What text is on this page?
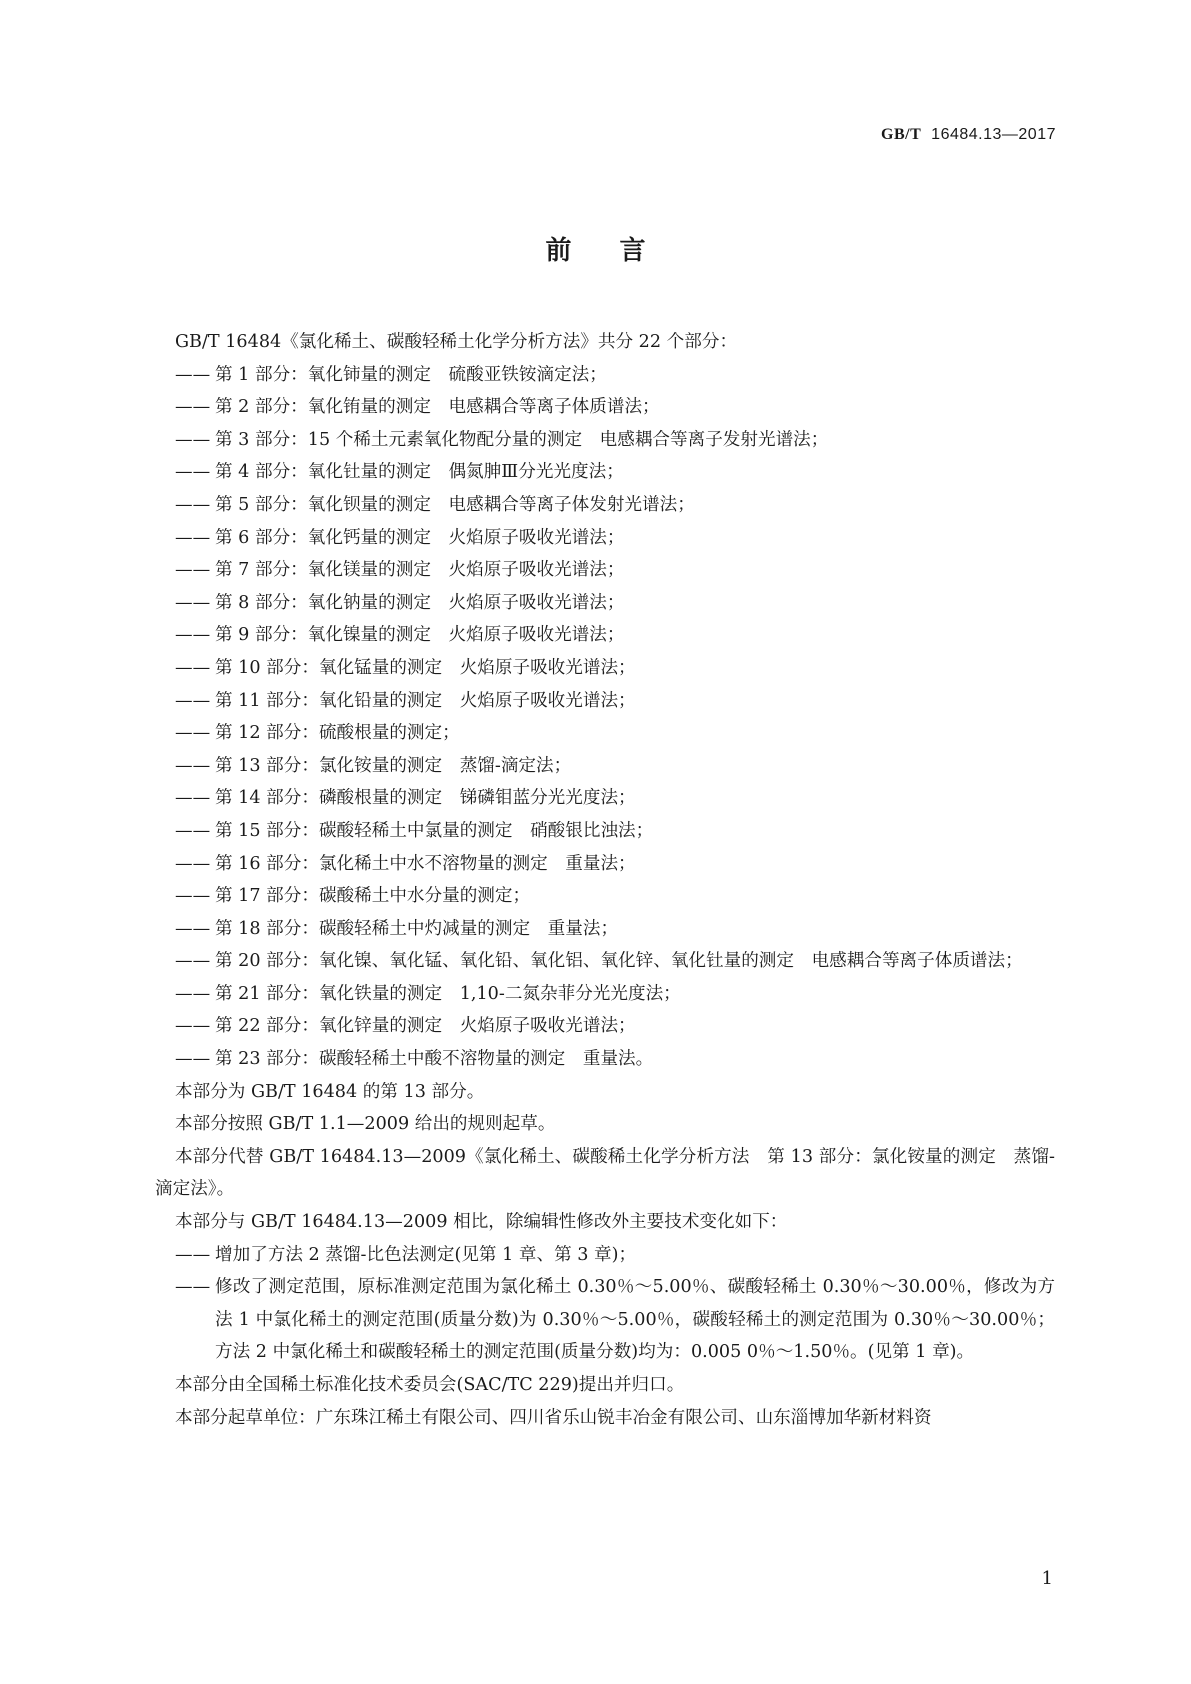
GB/T 16484.13—2017
前言

GB/T 16484《氯化稀土、碳酸轻稀土化学分析方法》共分 22 个部分：

—— 第 1 部分：氧化铈量的测定　硫酸亚铁铵滴定法；
—— 第 2 部分：氧化铕量的测定　电感耦合等离子体质谱法；
—— 第 3 部分：15 个稀土元素氧化物配分量的测定　电感耦合等离子发射光谱法；
—— 第 4 部分：氧化钍量的测定　偶氮胂Ⅲ分光光度法；
—— 第 5 部分：氧化钡量的测定　电感耦合等离子体发射光谱法；
—— 第 6 部分：氧化钙量的测定　火焰原子吸收光谱法；
—— 第 7 部分：氧化镁量的测定　火焰原子吸收光谱法；
—— 第 8 部分：氧化钠量的测定　火焰原子吸收光谱法；
—— 第 9 部分：氧化镍量的测定　火焰原子吸收光谱法；
—— 第 10 部分：氧化锰量的测定　火焰原子吸收光谱法；
—— 第 11 部分：氧化铅量的测定　火焰原子吸收光谱法；
—— 第 12 部分：硫酸根量的测定；
—— 第 13 部分：氯化铵量的测定　蒸馏-滴定法；
—— 第 14 部分：磷酸根量的测定　锑磷钼蓝分光光度法；
—— 第 15 部分：碳酸轻稀土中氯量的测定　硝酸银比浊法；
—— 第 16 部分：氯化稀土中水不溶物量的测定　重量法；
—— 第 17 部分：碳酸稀土中水分量的测定；
—— 第 18 部分：碳酸轻稀土中灼减量的测定　重量法；
—— 第 20 部分：氧化镍、氧化锰、氧化铅、氧化铝、氧化锌、氧化钍量的测定　电感耦合等离子体质谱法；
—— 第 21 部分：氧化铁量的测定　1,10-二氮杂菲分光光度法；
—— 第 22 部分：氧化锌量的测定　火焰原子吸收光谱法；
—— 第 23 部分：碳酸轻稀土中酸不溶物量的测定　重量法。

本部分为 GB/T 16484 的第 13 部分。

本部分按照 GB/T 1.1—2009 给出的规则起草。

本部分代替 GB/T 16484.13—2009《氯化稀土、碳酸稀土化学分析方法　第 13 部分：氯化铵量的测定　蒸馏-滴定法》。

本部分与 GB/T 16484.13—2009 相比，除编辑性修改外主要技术变化如下：

—— 增加了方法 2 蒸馏-比色法测定(见第 1 章、第 3 章)；
—— 修改了测定范围，原标准测定范围为氯化稀土 0.30％～5.00％、碳酸轻稀土 0.30％～30.00％，修改为方法 1 中氯化稀土的测定范围(质量分数)为 0.30％～5.00％，碳酸轻稀土的测定范围为 0.30％～30.00％；方法 2 中氯化稀土和碳酸轻稀土的测定范围(质量分数)均为：0.005 0％～1.50％。(见第 1 章)。

本部分由全国稀土标准化技术委员会(SAC/TC 229)提出并归口。

本部分起草单位：广东珠江稀土有限公司、四川省乐山锐丰冶金有限公司、山东淄博加华新材料资

1
